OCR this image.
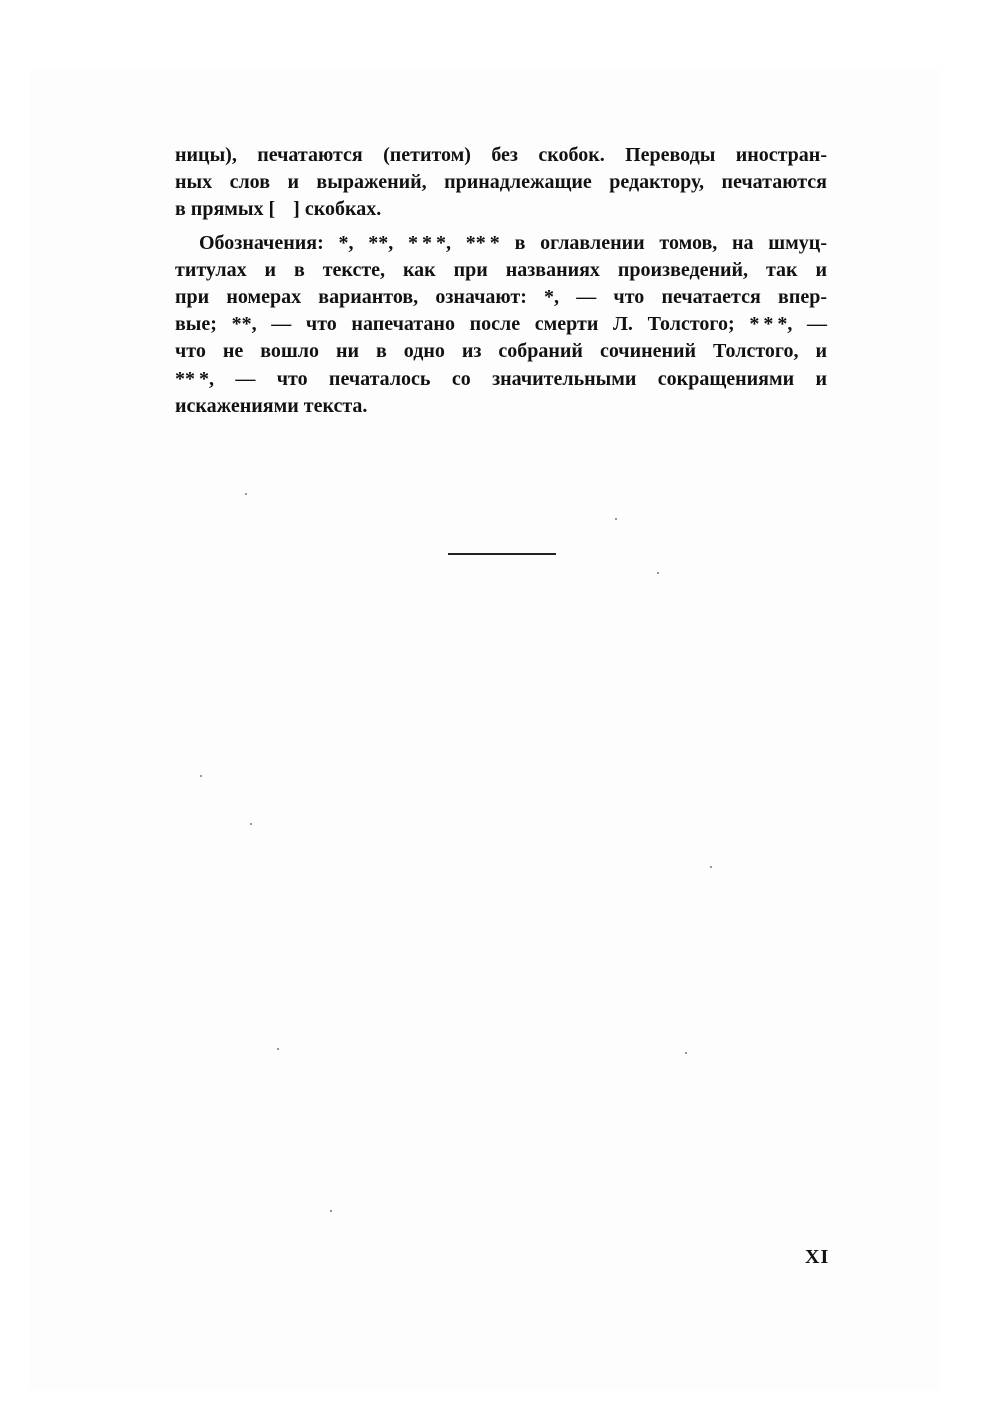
ницы), печатаются (петитом) без скобок. Переводы иностран-
ных слов и выражений, принадлежащие редактору, печатаются
в прямых [ ] скобках.
Обозначения: *, **, * * *, ** * в оглавлении томов, на шмуц-
титулах и в тексте, как при названиях произведений, так и
при номерах вариантов, означают: *, — что печатается впер-
вые; **, — что напечатано после смерти Л. Толстого; * * *, —
что не вошло ни в одно из собраний сочинений Толстого, и
** *, — что печаталось со значительными сокращениями и
искажениями текста.
XI
